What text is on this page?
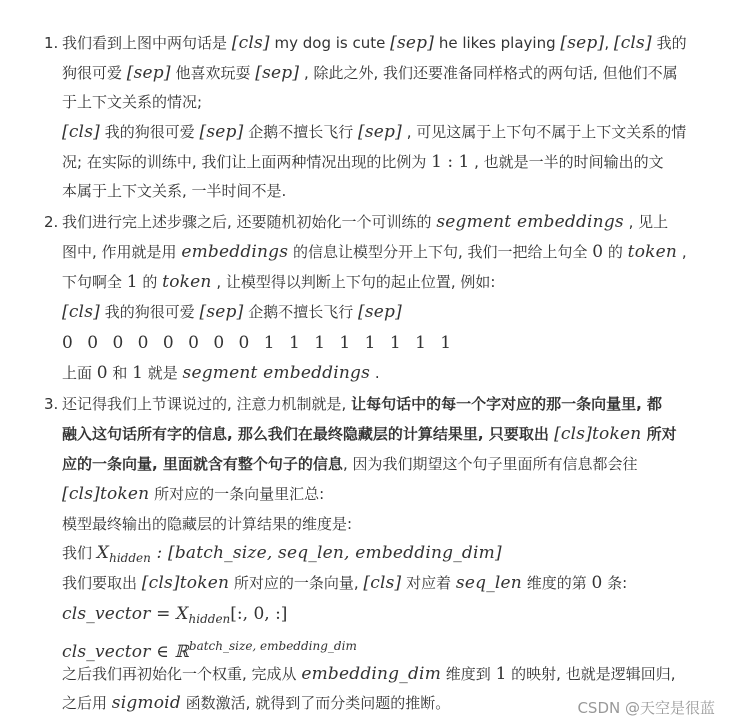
1. 我们看到上图中两句话是 [cls] my dog is cute [sep] he likes playing [sep], [cls] 我的
狗很可爱 [sep] 他喜欢玩耍 [sep] , 除此之外, 我们还要准备同样格式的两句话, 但他们不属
于上下文关系的情况;
[cls] 我的狗很可爱 [sep] 企鹅不擅长飞行 [sep] , 可见这属于上下句不属于上下文关系的情
况; 在实际的训练中, 我们让上面两种情况出现的比例为 1 : 1 , 也就是一半的时间输出的文
本属于上下文关系, 一半时间不是.
2. 我们进行完上述步骤之后, 还要随机初始化一个可训练的 segment embeddings , 见上
图中, 作用就是用 embeddings 的信息让模型分开上下句, 我们一把给上句全 0 的 token ,
下句啊全 1 的 token , 让模型得以判断上下句的起止位置, 例如:
[cls] 我的狗很可爱 [sep] 企鹅不擅长飞行 [sep]
0 0 0 0 0 0 0 0 1 1 1 1 1 1 1 1
上面 0 和 1 就是 segment embeddings .
3. 还记得我们上节课说过的, 注意力机制就是, 让每句话中的每一个字对应的那一条向量里, 都
融入这句话所有字的信息, 那么我们在最终隐藏层的计算结果里, 只要取出 [cls]token 所对
应的一条向量, 里面就含有整个句子的信息, 因为我们期望这个句子里面所有信息都会往
[cls]token 所对应的一条向量里汇总:
模型最终输出的隐藏层的计算结果的维度是:
我们 $X_{hidden}$ : [batch_size, seq_len, embedding_dim]
我们要取出 [cls]token 所对应的一条向量, [cls] 对应着 seq_len 维度的第 0 条:
cls_vector = $X_{hidden}$[:, 0, :]
cls_vector ∈ ℝ$^{batch\_size, embedding\_dim}$
之后我们再初始化一个权重, 完成从 embedding_dim 维度到 1 的映射, 也就是逻辑回归,
之后用 sigmoid 函数激活, 就得到了而分类问题的推断。	CSDN @天空是很蓝
